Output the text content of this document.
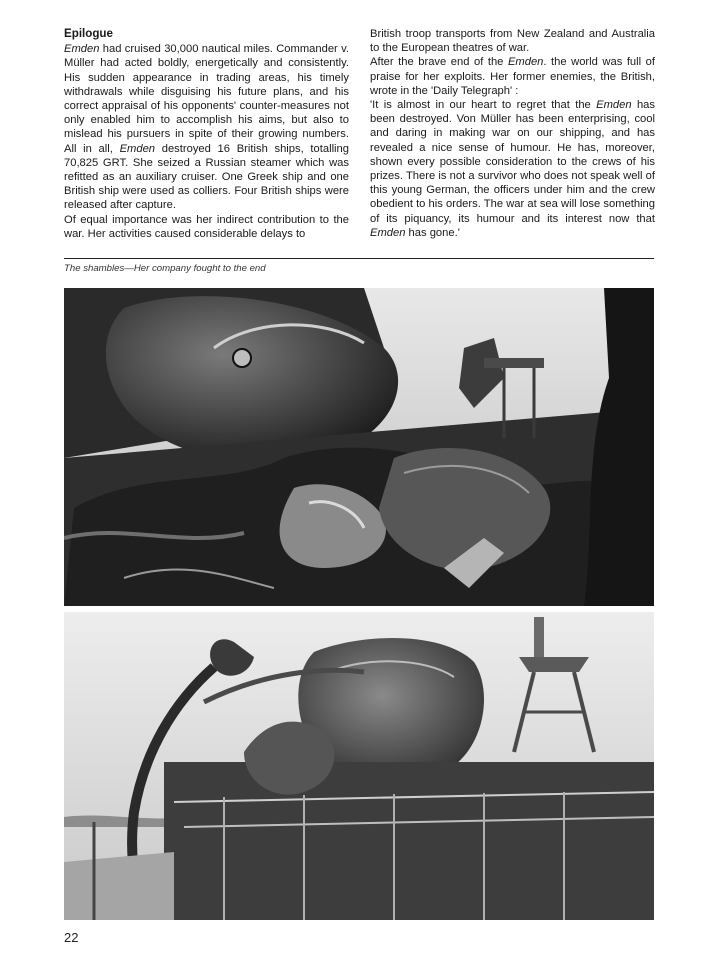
Epilogue

Emden had cruised 30,000 nautical miles. Commander v. Müller had acted boldly, energetically and consistently. His sudden appearance in trading areas, his timely withdrawals while disguising his future plans, and his correct appraisal of his opponents' counter-measures not only enabled him to accomplish his aims, but also to mislead his pursuers in spite of their growing numbers. All in all, Emden destroyed 16 British ships, totalling 70,825 GRT. She seized a Russian steamer which was refitted as an auxiliary cruiser. One Greek ship and one British ship were used as colliers. Four British ships were released after capture.

Of equal importance was her indirect contribution to the war. Her activities caused considerable delays to

British troop transports from New Zealand and Australia to the European theatres of war.

After the brave end of the Emden. the world was full of praise for her exploits. Her former enemies, the British, wrote in the 'Daily Telegraph' :

'It is almost in our heart to regret that the Emden has been destroyed. Von Müller has been enterprising, cool and daring in making war on our shipping, and has revealed a nice sense of humour. He has, moreover, shown every possible consideration to the crews of his prizes. There is not a survivor who does not speak well of this young German, the officers under him and the crew obedient to his orders. The war at sea will lose something of its piquancy, its humour and its interest now that Emden has gone.'

The shambles—Her company fought to the end
22
